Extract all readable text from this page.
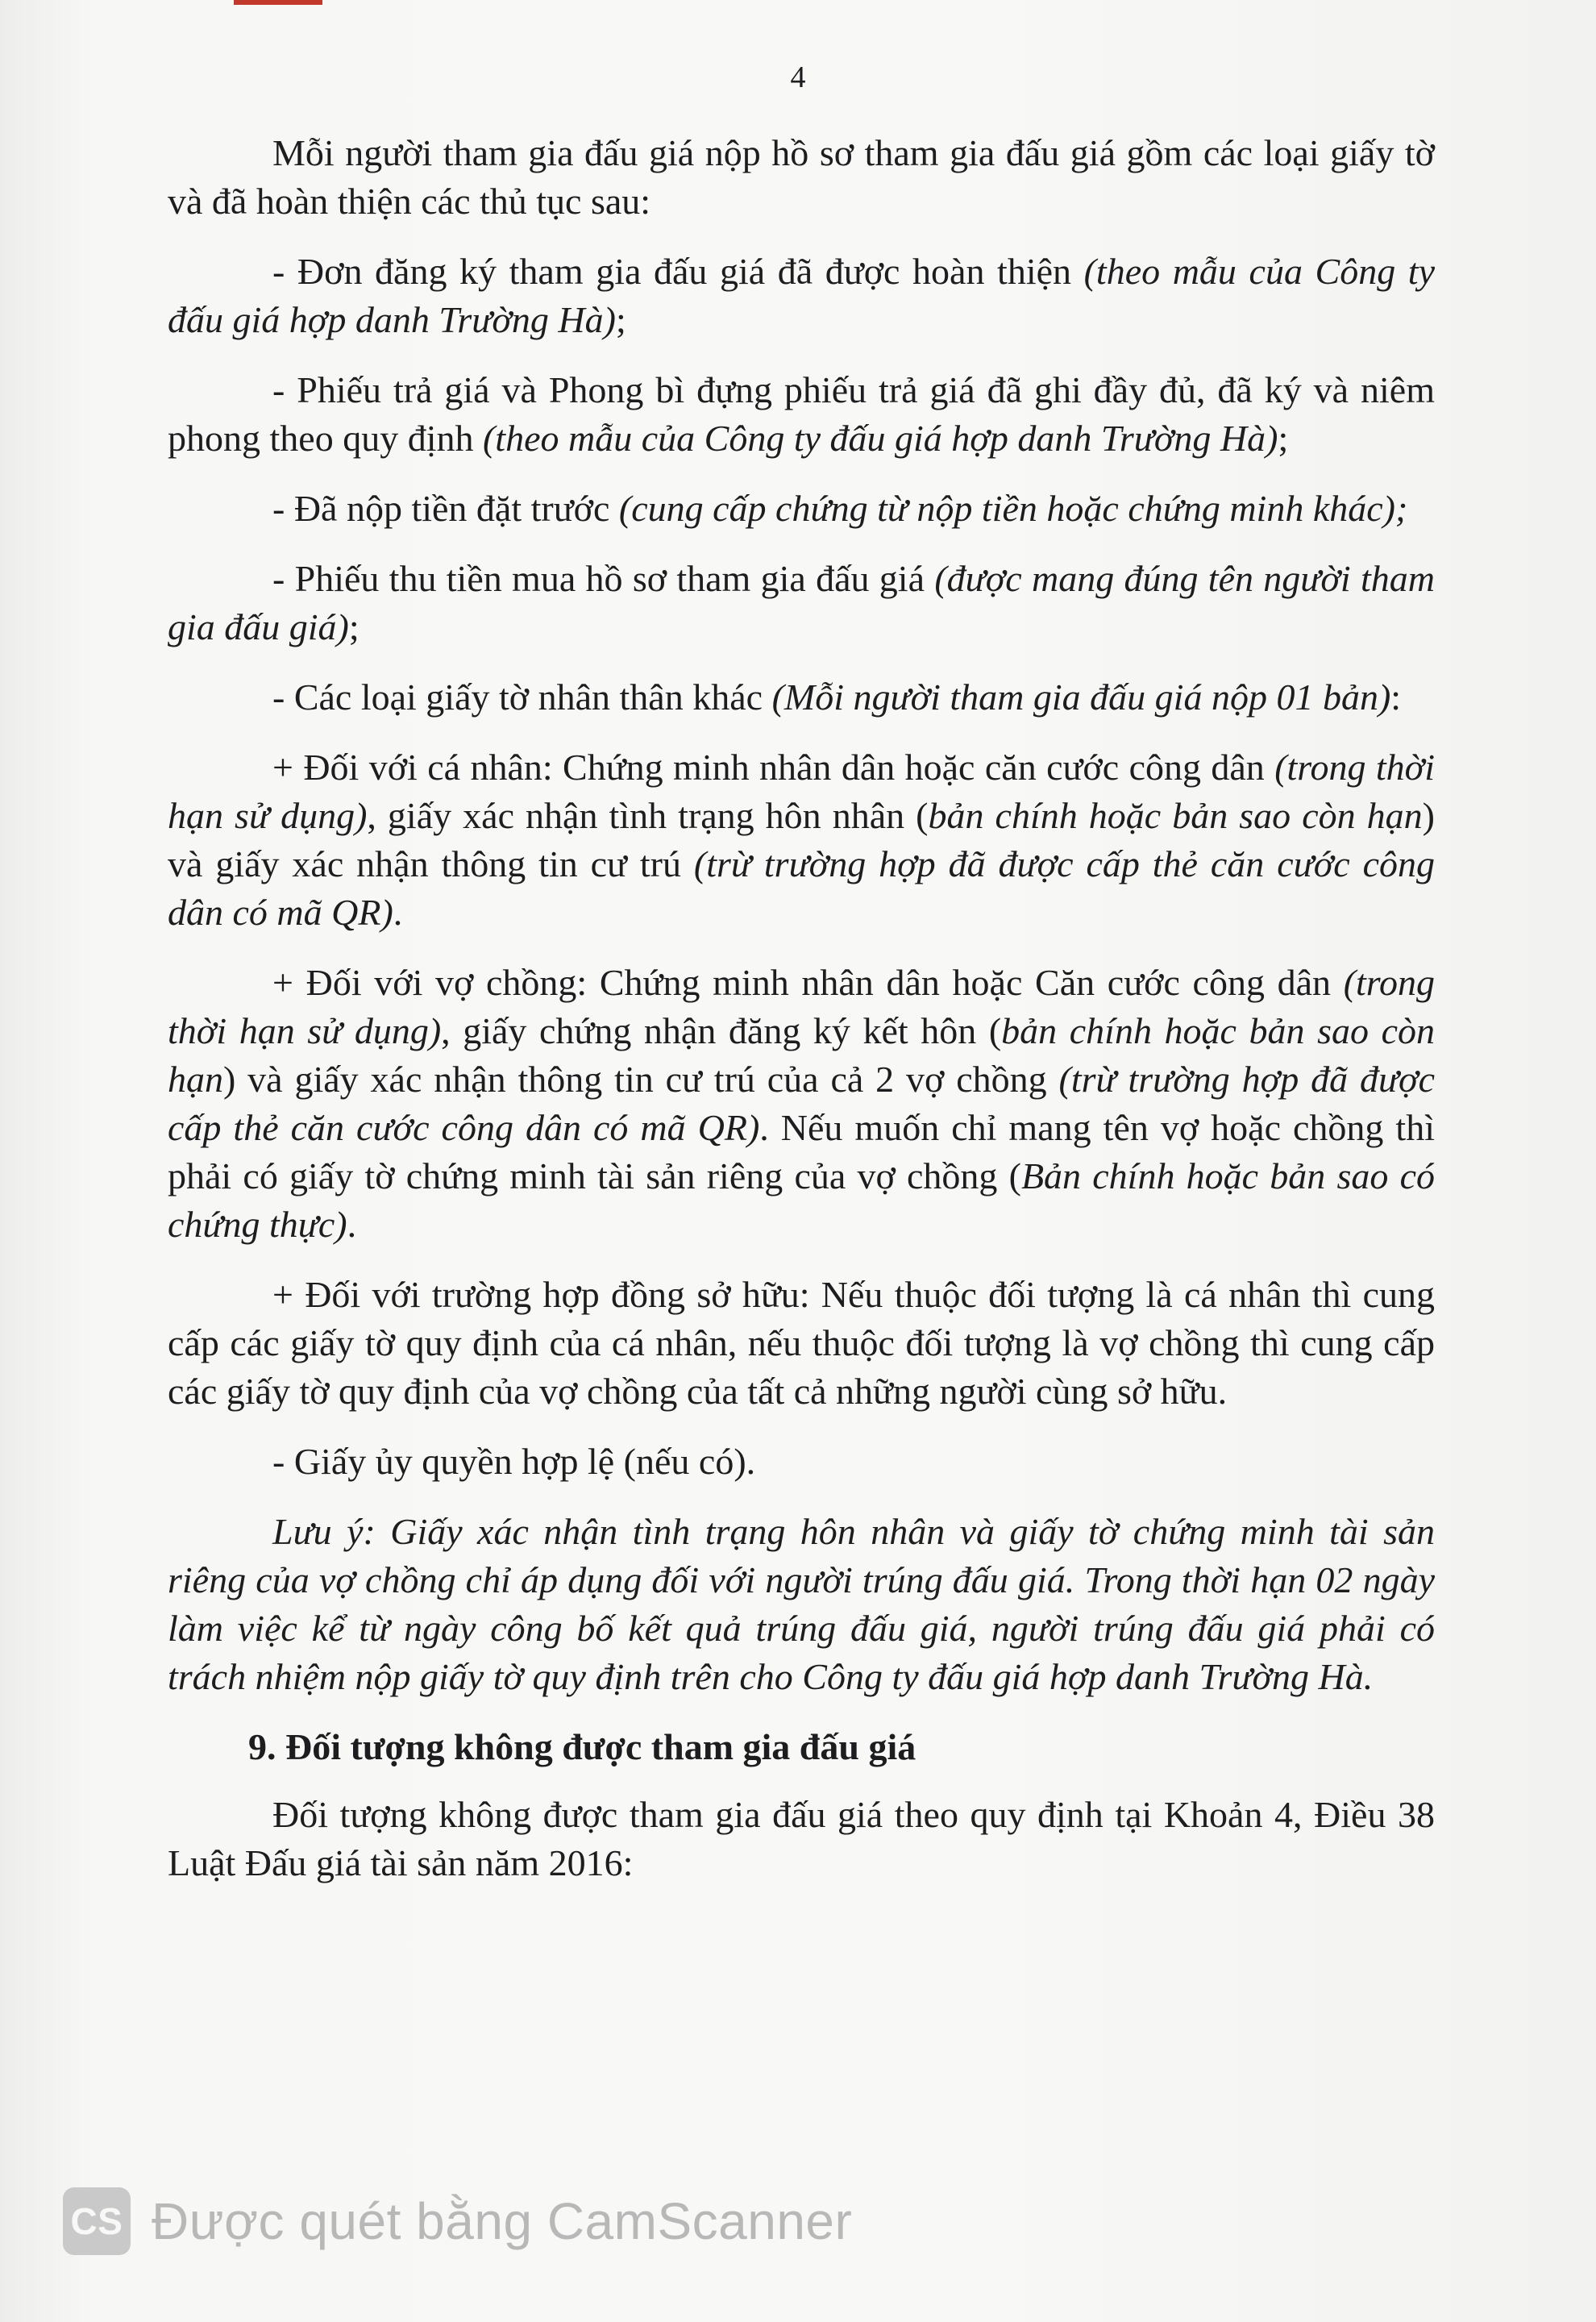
4

Mỗi người tham gia đấu giá nộp hồ sơ tham gia đấu giá gồm các loại giấy tờ và đã hoàn thiện các thủ tục sau:

- Đơn đăng ký tham gia đấu giá đã được hoàn thiện (theo mẫu của Công ty đấu giá hợp danh Trường Hà);

- Phiếu trả giá và Phong bì đựng phiếu trả giá đã ghi đầy đủ, đã ký và niêm phong theo quy định (theo mẫu của Công ty đấu giá hợp danh Trường Hà);

- Đã nộp tiền đặt trước (cung cấp chứng từ nộp tiền hoặc chứng minh khác);

- Phiếu thu tiền mua hồ sơ tham gia đấu giá (được mang đúng tên người tham gia đấu giá);

- Các loại giấy tờ nhân thân khác (Mỗi người tham gia đấu giá nộp 01 bản):

+ Đối với cá nhân: Chứng minh nhân dân hoặc căn cước công dân (trong thời hạn sử dụng), giấy xác nhận tình trạng hôn nhân (bản chính hoặc bản sao còn hạn) và giấy xác nhận thông tin cư trú (trừ trường hợp đã được cấp thẻ căn cước công dân có mã QR).

+ Đối với vợ chồng: Chứng minh nhân dân hoặc Căn cước công dân (trong thời hạn sử dụng), giấy chứng nhận đăng ký kết hôn (bản chính hoặc bản sao còn hạn) và giấy xác nhận thông tin cư trú của cả 2 vợ chồng (trừ trường hợp đã được cấp thẻ căn cước công dân có mã QR). Nếu muốn chỉ mang tên vợ hoặc chồng thì phải có giấy tờ chứng minh tài sản riêng của vợ chồng (Bản chính hoặc bản sao có chứng thực).

+ Đối với trường hợp đồng sở hữu: Nếu thuộc đối tượng là cá nhân thì cung cấp các giấy tờ quy định của cá nhân, nếu thuộc đối tượng là vợ chồng thì cung cấp các giấy tờ quy định của vợ chồng của tất cả những người cùng sở hữu.

- Giấy ủy quyền hợp lệ (nếu có).

Lưu ý: Giấy xác nhận tình trạng hôn nhân và giấy tờ chứng minh tài sản riêng của vợ chồng chỉ áp dụng đối với người trúng đấu giá. Trong thời hạn 02 ngày làm việc kể từ ngày công bố kết quả trúng đấu giá, người trúng đấu giá phải có trách nhiệm nộp giấy tờ quy định trên cho Công ty đấu giá hợp danh Trường Hà.

9. Đối tượng không được tham gia đấu giá

Đối tượng không được tham gia đấu giá theo quy định tại Khoản 4, Điều 38 Luật Đấu giá tài sản năm 2016:

CS Được quét bằng CamScanner
